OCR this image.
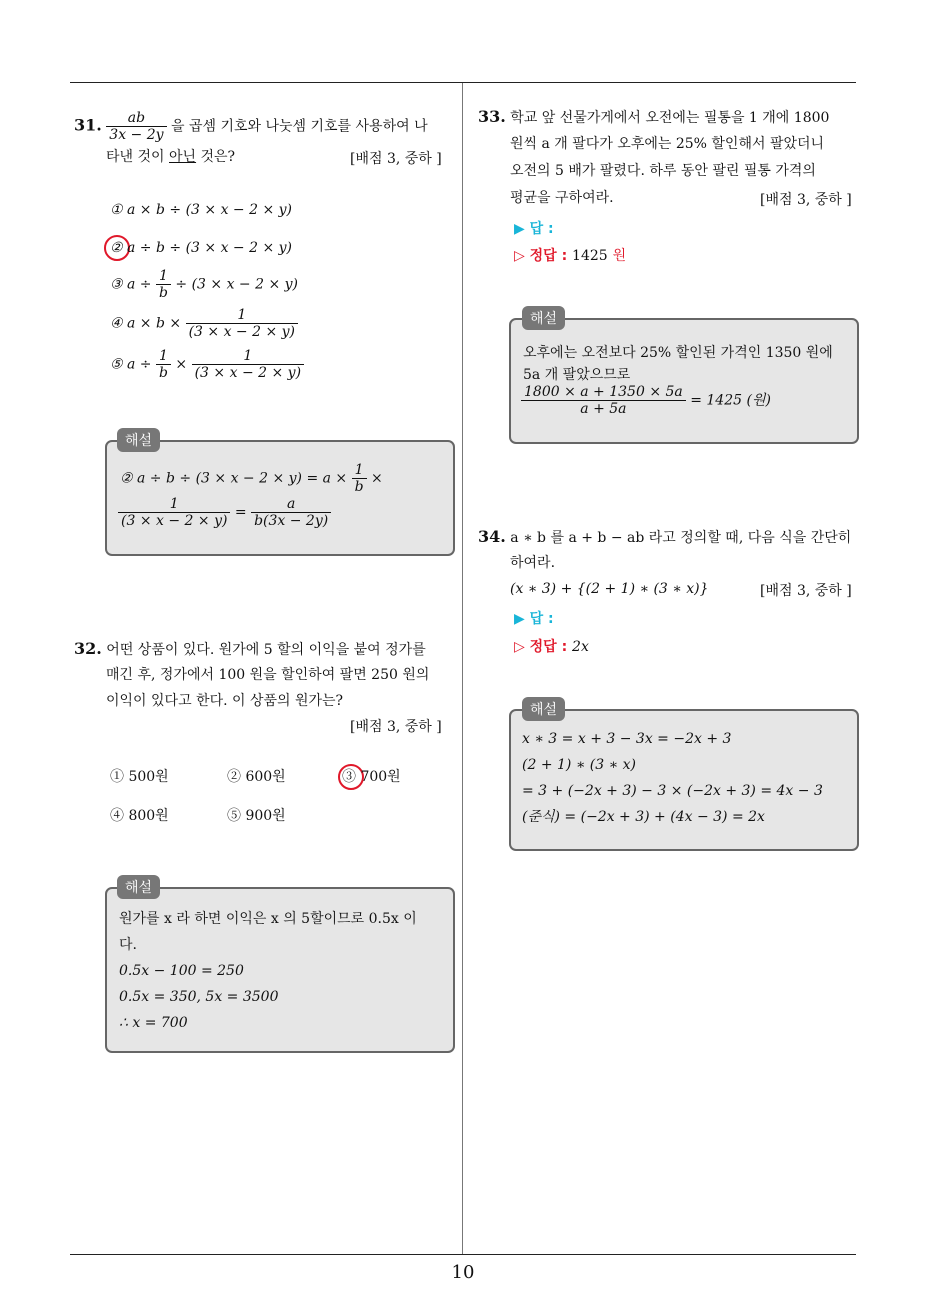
31. $\frac{ab}{3x - 2y}$ 을 곱셈 기호와 나눗셈 기호를 사용하여 나
타낸 것이 아닌 것은?	[배점 3, 중하 ]
① a × b ÷ (3 × x − 2 × y)
② a ÷ b ÷ (3 × x − 2 × y)
③ $a \div \frac{1}{b} \div (3 \times x - 2 \times y)$
④ $a \times b \times \frac{1}{(3 \times x - 2 \times y)}$
⑤ $a \div \frac{1}{b} \times \frac{1}{(3 \times x - 2 \times y)}$
해설
② $a \div b \div (3 \times x - 2 \times y) = a \times \frac{1}{b}$ ×
$\frac{1}{(3 \times x - 2 \times y)} = \frac{a}{b(3x - 2y)}$
32. 어떤 상품이 있다. 원가에 5 할의 이익을 붙여 정가를
매긴 후, 정가에서 100 원을 할인하여 팔면 250 원의
이익이 있다고 한다. 이 상품의 원가는?
[배점 3, 중하 ]
① 500원	② 600원	③ 700원
④ 800원	⑤ 900원
해설
원가를 x 라 하면 이익은 x 의 5할이므로 0.5x 이
다.
0.5x − 100 = 250
0.5x = 350, 5x = 3500
∴ x = 700
33. 학교 앞 선물가게에서 오전에는 필통을 1 개에 1800
원씩 a 개 팔다가 오후에는 25% 할인해서 팔았더니
오전의 5 배가 팔렸다. 하루 동안 팔린 필통 가격의
평균을 구하여라.	[배점 3, 중하 ]
▶ 답 :
▷ 정답 : 1425 원
해설
오후에는 오전보다 25% 할인된 가격인 1350 원에
5a 개 팔았으므로
$\frac{1800 \times a + 1350 \times 5a}{a + 5a} = 1425$ (원)
34. a ∗ b 를 a + b − ab 라고 정의할 때, 다음 식을 간단히
하여라.
(x ∗ 3) + {(2 + 1) ∗ (3 ∗ x)}	[배점 3, 중하 ]
▶ 답 :
▷ 정답 : 2x
해설
x ∗ 3 = x + 3 − 3x = −2x + 3
(2 + 1) ∗ (3 ∗ x)
= 3 + (−2x + 3) − 3 × (−2x + 3) = 4x − 3
(준식) = (−2x + 3) + (4x − 3) = 2x
10
